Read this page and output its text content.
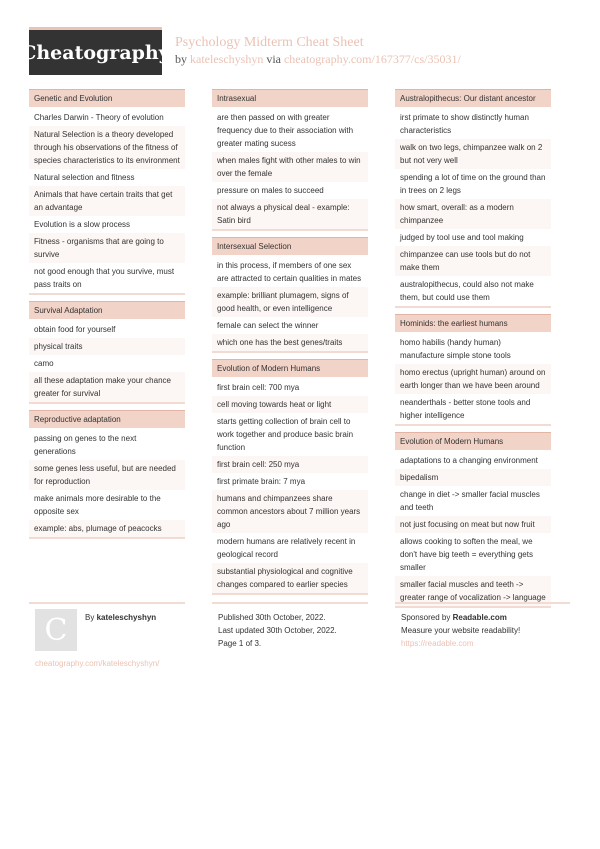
Cheatography Psychology Midterm Cheat Sheet
by kateleschyshyn via cheatography.com/167377/cs/35031/
Genetic and Evolution
Charles Darwin - Theory of evolution
Natural Selection is a theory developed through his observations of the fitness of species characteristics to its environment
Natural selection and fitness
Animals that have certain traits that get an advantage
Evolution is a slow process
Fitness - organisms that are going to survive
not good enough that you survive, must pass traits on
Survival Adaptation
obtain food for yourself
physical traits
camo
all these adaptation make your chance greater for survival
Reproductive adaptation
passing on genes to the next generations
some genes less useful, but are needed for reproduction
make animals more desirable to the opposite sex
example: abs, plumage of peacocks
Intrasexual
are then passed on with greater frequency due to their association with greater mating sucess
when males fight with other males to win over the female
pressure on males to succeed
not always a physical deal - example: Satin bird
Intersexual Selection
in this process, if members of one sex are attracted to certain qualities in mates
example: brilliant plumagem, signs of good health, or even intelligence
female can select the winner
which one has the best genes/traits
Evolution of Modern Humans
first brain cell: 700 mya
cell moving towards heat or light
starts getting collection of brain cell to work together and produce basic brain function
first brain cell: 250 mya
first primate brain: 7 mya
humans and chimpanzees share common ancestors about 7 million years ago
modern humans are relatively recent in geological record
substantial physiological and cognitive changes compared to earlier species
Australopithecus: Our distant ancestor
irst primate to show distinctly human characteristics
walk on two legs, chimpanzee walk on 2 but not very well
spending a lot of time on the ground than in trees on 2 legs
how smart, overall: as a modern chimpanzee
judged by tool use and tool making
chimpanzee can use tools but do not make them
australopithecus, could also not make them, but could use them
Hominids: the earliest humans
homo habilis (handy human) manufacture simple stone tools
homo erectus (upright human) around on earth longer than we have been around
neanderthals - better stone tools and higher intelligence
Evolution of Modern Humans
adaptations to a changing environment
bipedalism
change in diet -> smaller facial muscles and teeth
not just focusing on meat but now fruit
allows cooking to soften the meal, we don't have big teeth = everything gets smaller
smaller facial muscles and teeth -> greater range of vocalization -> language
C	By kateleschyshyn
cheatography.com/kateleschyshyn/
Published 30th October, 2022.
Last updated 30th October, 2022.
Page 1 of 3.
Sponsored by Readable.com
Measure your website readability!
https://readable.com
